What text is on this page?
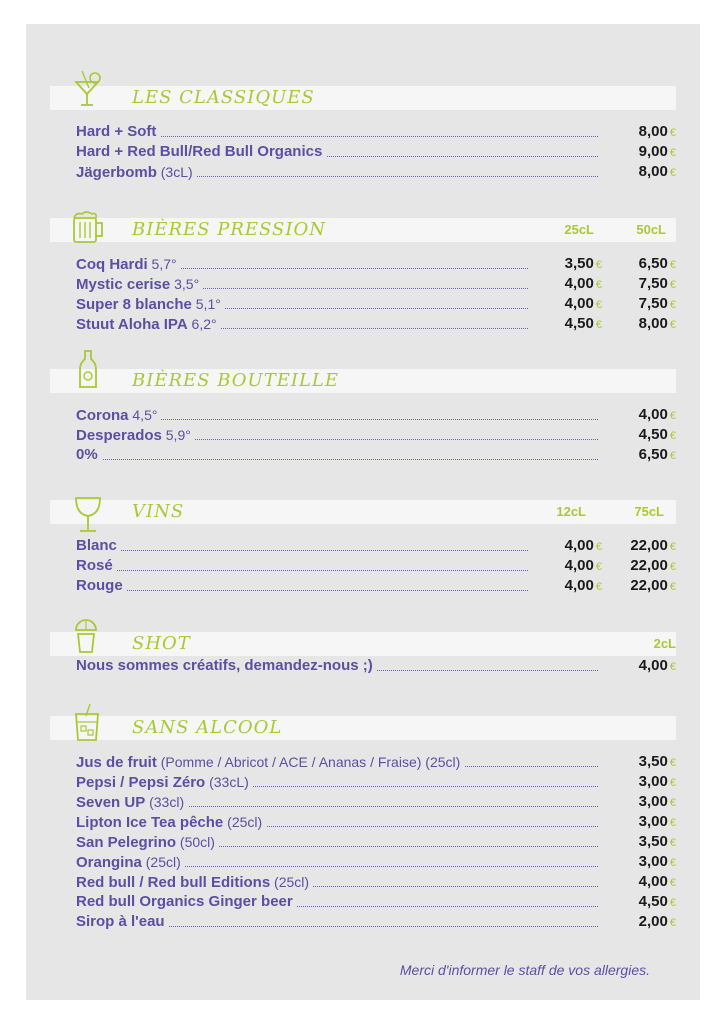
LES CLASSIQUES
Hard + Soft	8,00 €
Hard + Red Bull/Red Bull Organics	9,00 €
Jägerbomb (3cL)	8,00 €
BIÈRES PRESSION	25cL	50cL
Coq Hardi 5,7°	3,50 € 6,50 €
Mystic cerise 3,5°	4,00 € 7,50 €
Super 8 blanche 5,1°	4,00 € 7,50 €
Stuut Aloha IPA 6,2°	4,50 € 8,00 €
BIÈRES BOUTEILLE
Corona 4,5°	4,00 €
Desperados 5,9°	4,50 €
0%	6,50 €
VINS	12cL	75cL
Blanc	4,00 € 22,00 €
Rosé	4,00 € 22,00 €
Rouge	4,00 € 22,00 €
SHOT	2cL
Nous sommes créatifs, demandez-nous ;)	4,00 €
SANS ALCOOL
Jus de fruit (Pomme / Abricot / ACE / Ananas / Fraise) (25cl)	3,50 €
Pepsi / Pepsi Zéro (33cL)	3,00 €
Seven UP (33cl)	3,00 €
Lipton Ice Tea pêche (25cl)	3,00 €
San Pelegrino (50cl)	3,50 €
Orangina (25cl)	3,00 €
Red bull / Red bull Editions (25cl)	4,00 €
Red bull Organics Ginger beer	4,50 €
Sirop à l'eau	2,00 €
Merci d'informer le staff de vos allergies.
